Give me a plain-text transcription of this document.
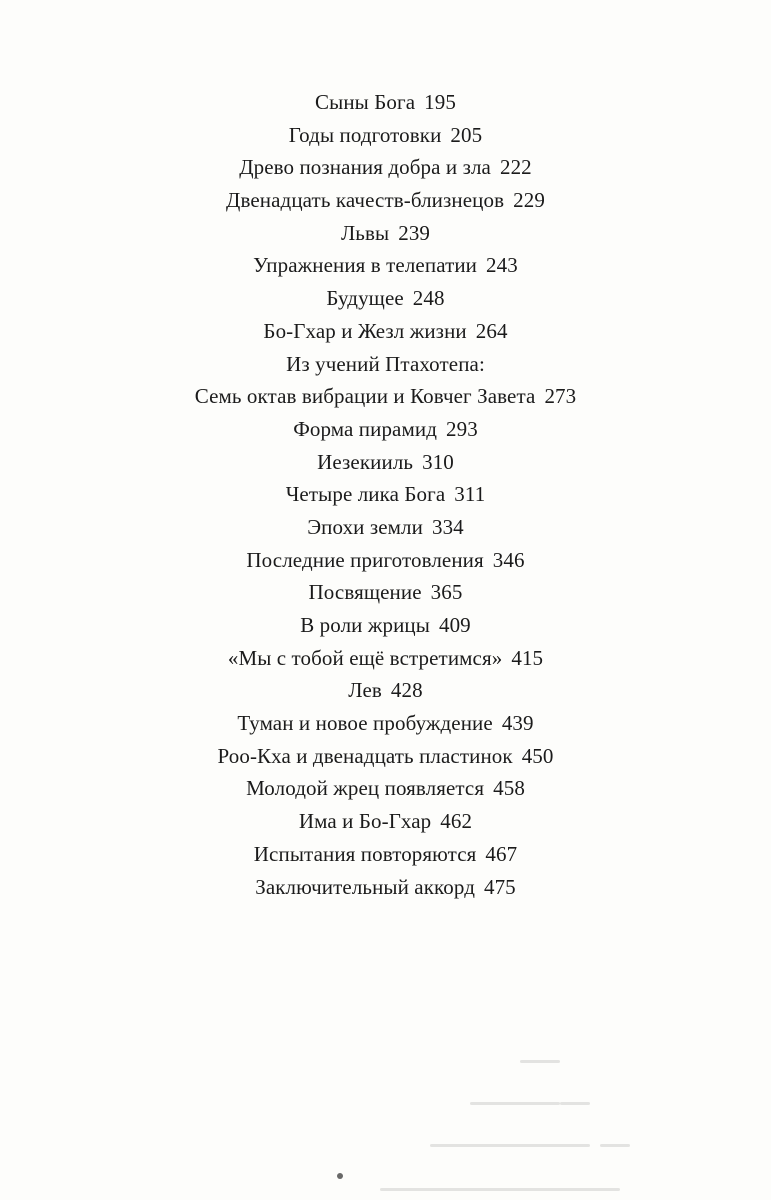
Сыны Бога 195
Годы подготовки 205
Древо познания добра и зла 222
Двенадцать качеств-близнецов 229
Львы 239
Упражнения в телепатии 243
Будущее 248
Бо-Гхар и Жезл жизни 264
Из учений Птахотепа:
Семь октав вибрации и Ковчег Завета 273
Форма пирамид 293
Иезекииль 310
Четыре лика Бога 311
Эпохи земли 334
Последние приготовления 346
Посвящение 365
В роли жрицы 409
«Мы с тобой ещё встретимся» 415
Лев 428
Туман и новое пробуждение 439
Роо-Кха и двенадцать пластинок 450
Молодой жрец появляется 458
Има и Бо-Гхар 462
Испытания повторяются 467
Заключительный аккорд 475
